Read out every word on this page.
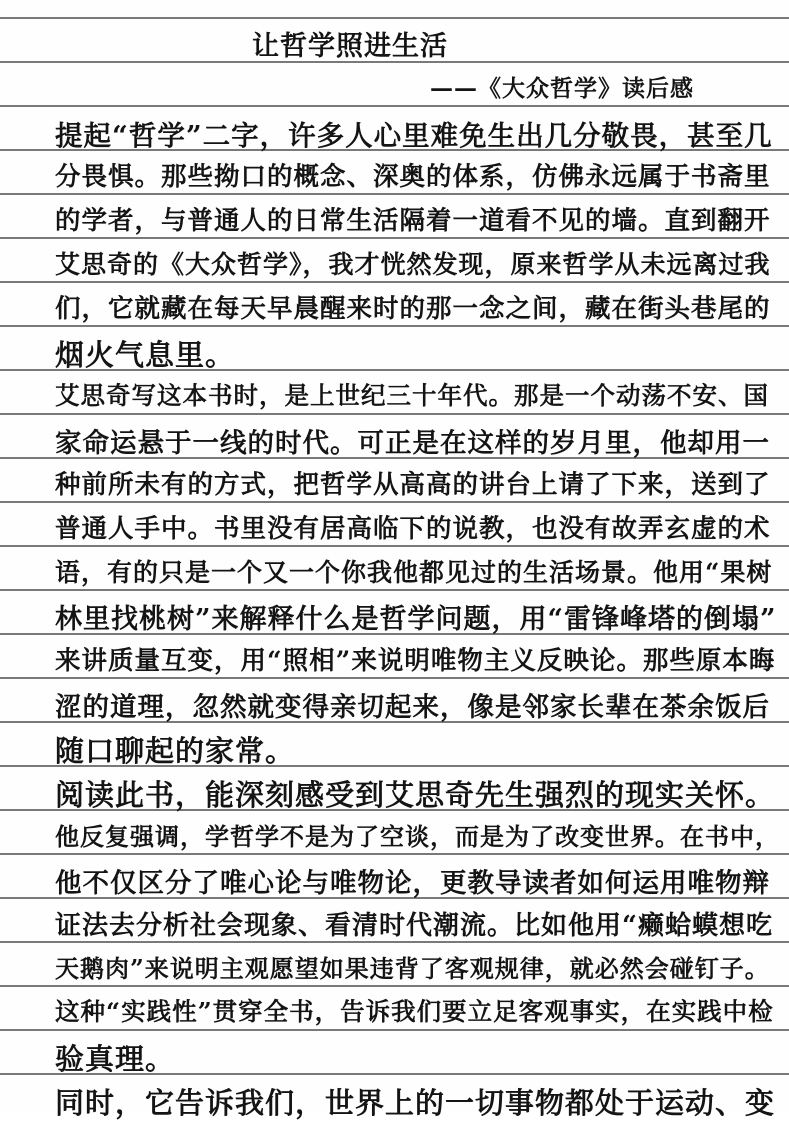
让哲学照进生活
——《大众哲学》读后感
提起“哲学”二字，许多人心里难免生出几分敬畏，甚至几
分畏惧。那些拗口的概念、深奥的体系，仿佛永远属于书斋里
的学者，与普通人的日常生活隔着一道看不见的墙。直到翻开
艾思奇的《大众哲学》，我才恍然发现，原来哲学从未远离过我
们，它就藏在每天早晨醒来时的那一念之间，藏在街头巷尾的
烟火气息里。
艾思奇写这本书时，是上世纪三十年代。那是一个动荡不安、国
家命运悬于一线的时代。可正是在这样的岁月里，他却用一
种前所未有的方式，把哲学从高高的讲台上请了下来，送到了
普通人手中。书里没有居高临下的说教，也没有故弄玄虚的术
语，有的只是一个又一个你我他都见过的生活场景。他用“果树
林里找桃树”来解释什么是哲学问题，用“雷锋峰塔的倒塌”
来讲质量互变，用“照相”来说明唯物主义反映论。那些原本晦
涩的道理，忽然就变得亲切起来，像是邻家长辈在茶余饭后
随口聊起的家常。
阅读此书，能深刻感受到艾思奇先生强烈的现实关怀。
他反复强调，学哲学不是为了空谈，而是为了改变世界。在书中，
他不仅区分了唯心论与唯物论，更教导读者如何运用唯物辩
证法去分析社会现象、看清时代潮流。比如他用“癞蛤蟆想吃
天鹅肉”来说明主观愿望如果违背了客观规律，就必然会碰钉子。
这种“实践性”贯穿全书，告诉我们要立足客观事实，在实践中检
验真理。
同时，它告诉我们，世界上的一切事物都处于运动、变
